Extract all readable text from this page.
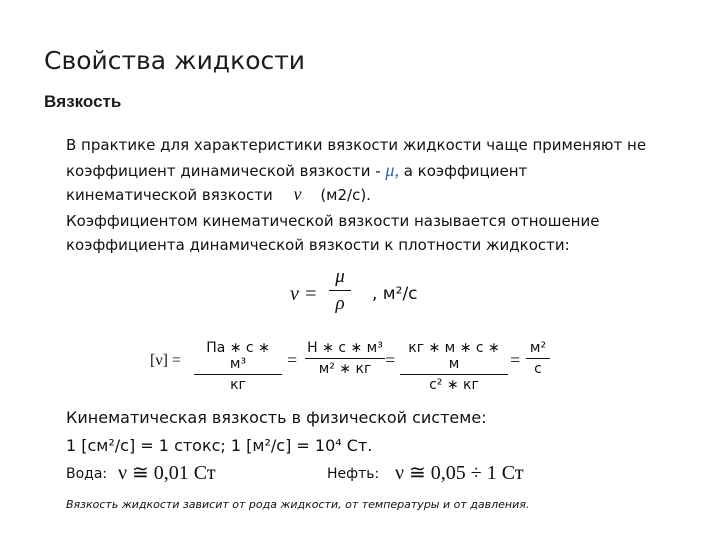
Свойства жидкости
Вязкость
В практике для характеристики вязкости жидкости чаще применяют не
коэффициент динамической вязкости - μ, а коэффициент
кинематической вязкости ν (м2/с).
Коэффициентом кинематической вязкости называется отношение
коэффициента динамической вязкости к плотности жидкости:
$\nu = \frac{\mu}{\rho}$ , м²/с
[ν] =
Па ∗ с ∗ м³
кг
=
Н ∗ с ∗ м³
м² ∗ кг =
кг ∗ м ∗ с ∗ м
с² ∗ кг
=
м²
с
Кинематическая вязкость в физической системе:
1 [см²/с] = 1 стокс; 1 [м²/с] = 10⁴ Ст.
Вода: ν ≅ 0,01 Ст	Нефть: ν ≅ 0,05 ÷ 1 Ст
Вязкость жидкости зависит от рода жидкости, от температуры и от давления.
